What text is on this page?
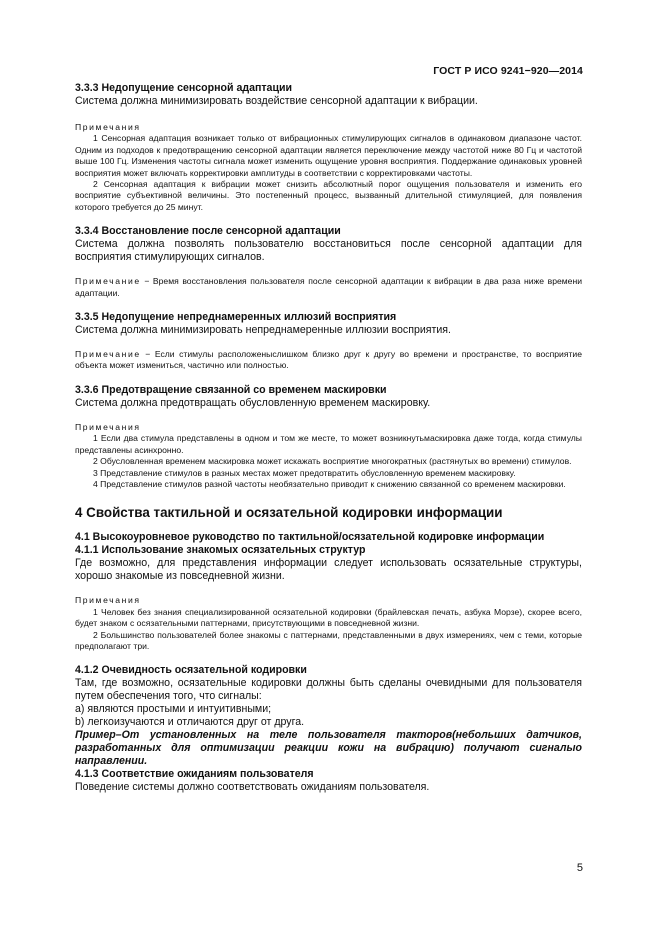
ГОСТ Р ИСО 9241−920—2014
3.3.3 Недопущение сенсорной адаптации

Система должна минимизировать воздействие сенсорной адаптации к вибрации.

Примечания

1 Сенсорная адаптация возникает только от вибрационных стимулирующих сигналов в одинаковом диапазоне частот. Одним из подходов к предотвращению сенсорной адаптации является переключение между частотой ниже 80 Гц и частотой выше 100 Гц. Изменения частоты сигнала может изменить ощущение уровня восприятия. Поддержание одинаковых уровней восприятия может включать корректировки амплитуды в соответствии с корректировками частоты.

2 Сенсорная адаптация к вибрации может снизить абсолютный порог ощущения пользователя и изменить его восприятие субъективной величины. Это постепенный процесс, вызванный длительной стимуляцией, для появления которого требуется до 25 минут.

3.3.4 Восстановление после сенсорной адаптации

Система должна позволять пользователю восстановиться после сенсорной адаптации для восприятия стимулирующих сигналов.

Примечание − Время восстановления пользователя после сенсорной адаптации к вибрации в два раза ниже времени адаптации.

3.3.5 Недопущение непреднамеренных иллюзий восприятия

Система должна минимизировать непреднамеренные иллюзии восприятия.

Примечание − Если стимулы расположеныслишком близко друг к другу во времени и пространстве, то восприятие объекта может измениться, частично или полностью.

3.3.6 Предотвращение связанной со временем маскировки

Система должна предотвращать обусловленную временем маскировку.

Примечания

1 Если два стимула представлены в одном и том же месте, то может возникнутьмаскировка даже тогда, когда стимулы представлены асинхронно.

2 Обусловленная временем маскировка может искажать восприятие многократных (растянутых во времени) стимулов.

3 Представление стимулов в разных местах может предотвратить обусловленную временем маскировку.

4 Представление стимулов разной частоты необязательно приводит к снижению связанной со временем маскировки.

4 Свойства тактильной и осязательной кодировки информации
4.1 Высокоуровневое руководство по тактильной/осязательной кодировке информации
4.1.1 Использование знакомых осязательных структур

Где возможно, для представления информации следует использовать осязательные структуры, хорошо знакомые из повседневной жизни.

Примечания

1 Человек без знания специализированной осязательной кодировки (брайлевская печать, азбука Морзе), скорее всего, будет знаком с осязательными паттернами, присутствующими в повседневной жизни.

2 Большинство пользователей более знакомы с паттернами, представленными в двух измерениях, чем с теми, которые предполагают три.

4.1.2 Очевидность осязательной кодировки

Там, где возможно, осязательные кодировки должны быть сделаны очевидными для пользователя путем обеспечения того, что сигналы:

a) являются простыми и интуитивными;

b) легкоизучаются и отличаются друг от друга.

Пример–От установленных на теле пользователя такторов(небольших датчиков, разработанных для оптимизации реакции кожи на вибрацию) получают сигналыо направлении.

4.1.3 Соответствие ожиданиям пользователя

Поведение системы должно соответствовать ожиданиям пользователя.

5
